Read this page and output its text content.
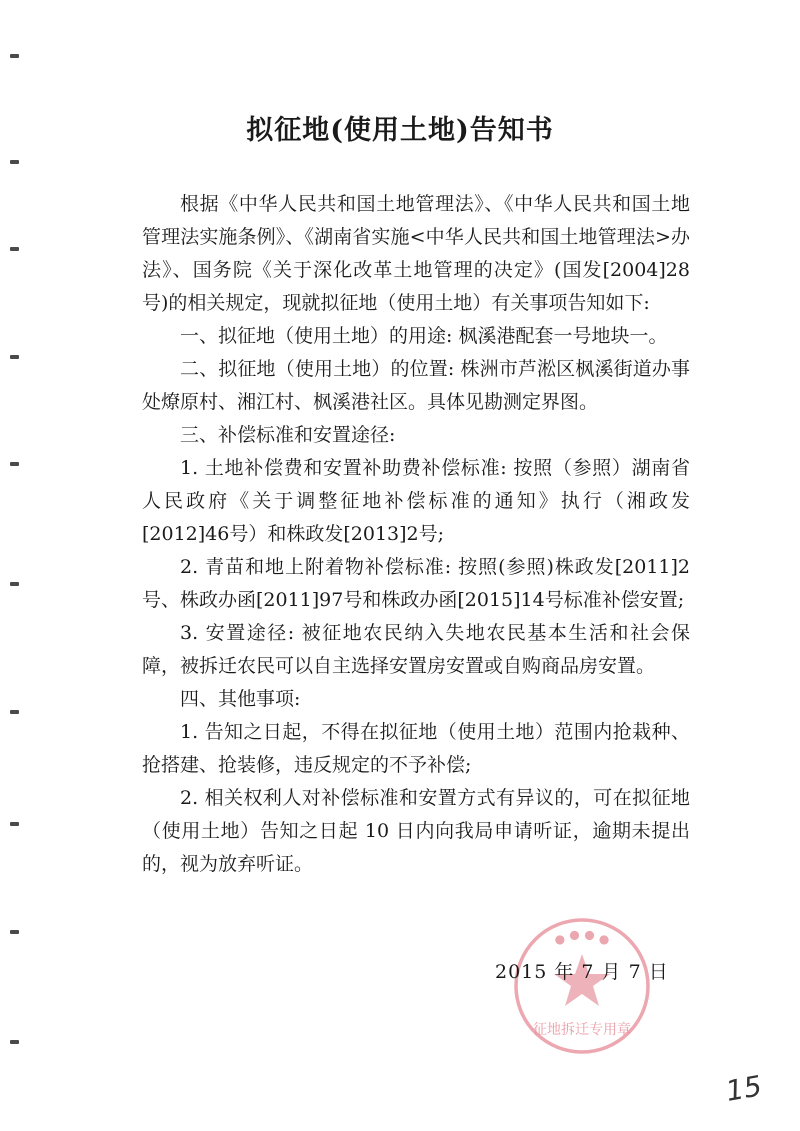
拟征地(使用土地)告知书

根据《中华人民共和国土地管理法》、《中华人民共和国土地管理法实施条例》、《湖南省实施<中华人民共和国土地管理法>办法》、国务院《关于深化改革土地管理的决定》(国发[2004]28号)的相关规定，现就拟征地（使用土地）有关事项告知如下:

一、拟征地（使用土地）的用途: 枫溪港配套一号地块一。

二、拟征地（使用土地）的位置: 株洲市芦淞区枫溪街道办事处燎原村、湘江村、枫溪港社区。具体见勘测定界图。

三、补偿标准和安置途径:

1. 土地补偿费和安置补助费补偿标准: 按照（参照）湖南省人民政府《关于调整征地补偿标准的通知》执行（湘政发[2012]46号）和株政发[2013]2号;

2. 青苗和地上附着物补偿标准: 按照(参照)株政发[2011]2号、株政办函[2011]97号和株政办函[2015]14号标准补偿安置;

3. 安置途径: 被征地农民纳入失地农民基本生活和社会保障，被拆迁农民可以自主选择安置房安置或自购商品房安置。

四、其他事项:

1. 告知之日起，不得在拟征地（使用土地）范围内抢栽种、抢搭建、抢装修，违反规定的不予补偿;

2. 相关权利人对补偿标准和安置方式有异议的，可在拟征地（使用土地）告知之日起 10 日内向我局申请听证，逾期未提出的，视为放弃听证。

● ● ● ●
征地拆迁专用章
2015 年 7 月 7 日
15
